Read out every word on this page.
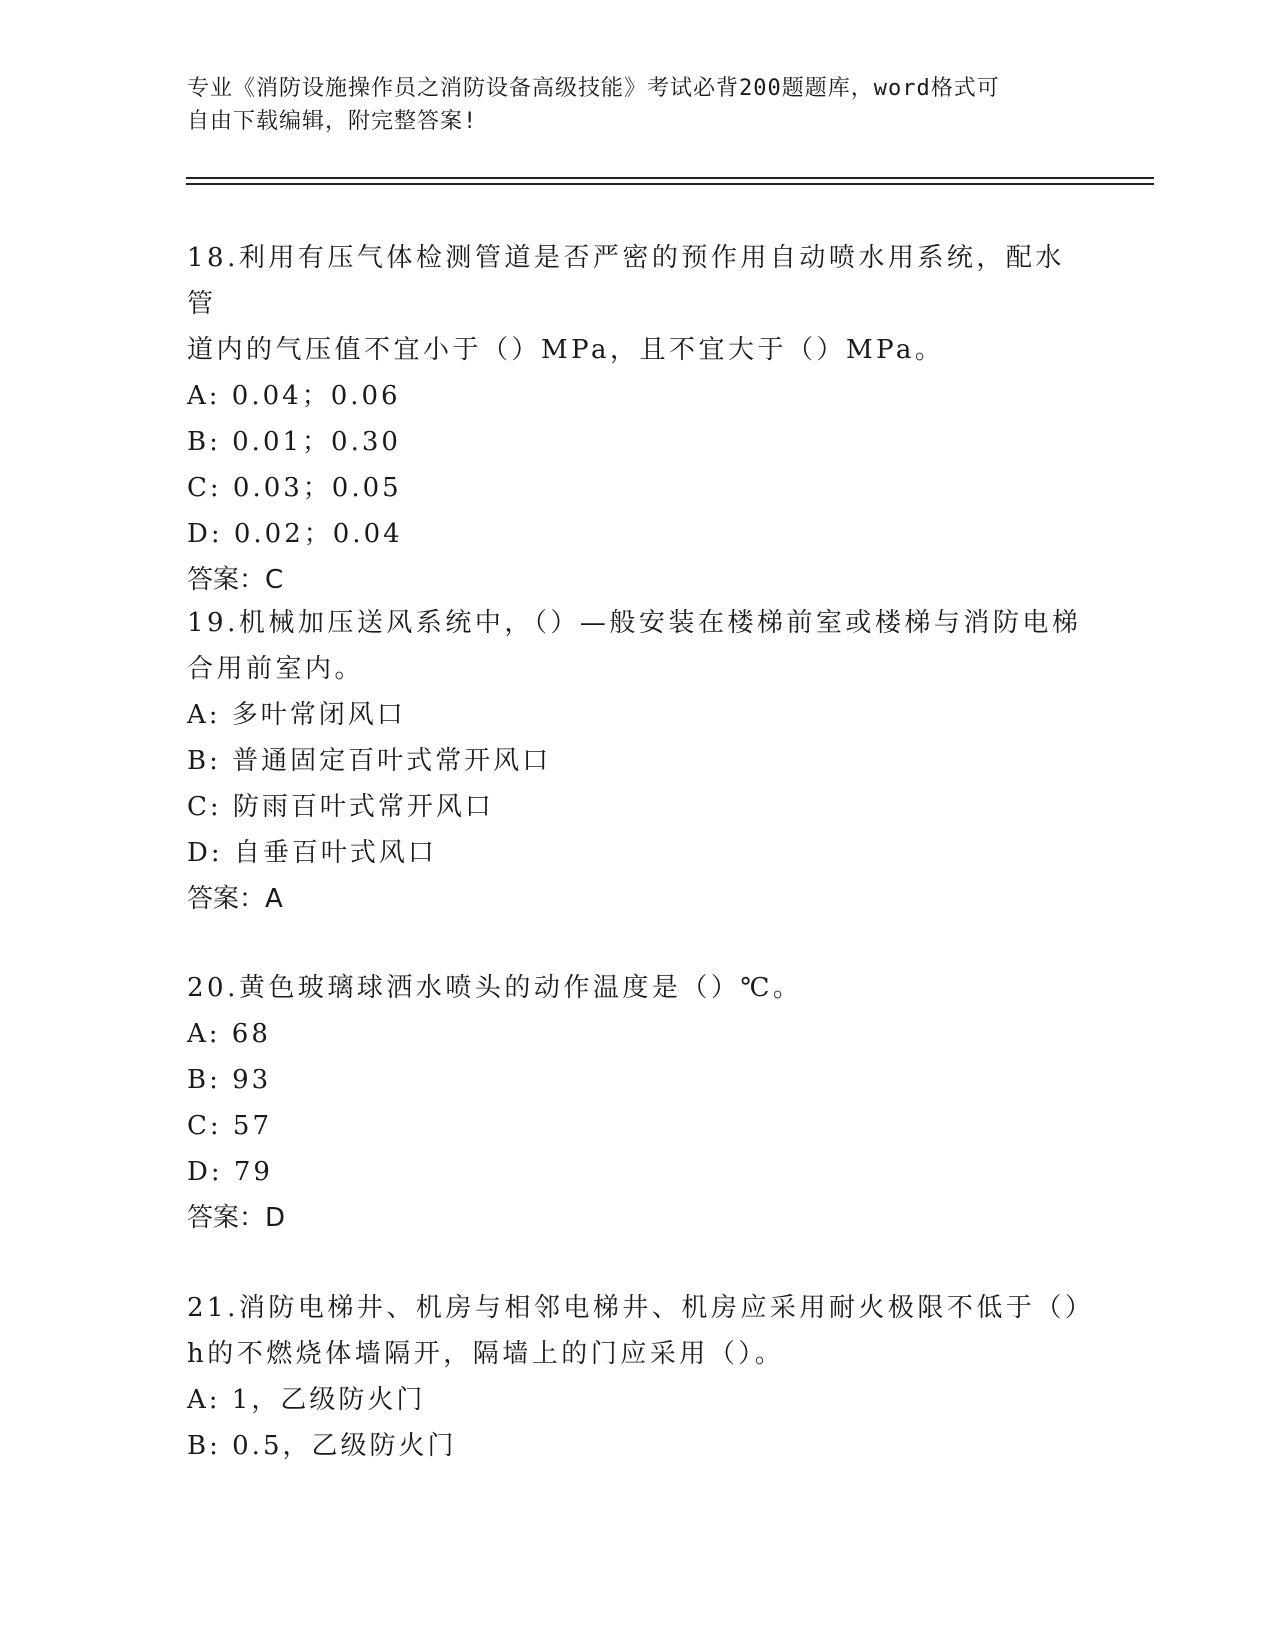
专业《消防设施操作员之消防设备高级技能》考试必背200题题库，word格式可
自由下载编辑，附完整答案!

18.利用有压气体检测管道是否严密的预作用自动喷水用系统，配水管

道内的气压值不宜小于（）MPa，且不宜大于（）MPa。

A: 0.04；0.06

B: 0.01；0.30

C: 0.03；0.05

D: 0.02；0.04

答案：C

19.机械加压送风系统中，（）—般安装在楼梯前室或楼梯与消防电梯

合用前室内。

A: 多叶常闭风口

B: 普通固定百叶式常开风口

C: 防雨百叶式常开风口

D: 自垂百叶式风口

答案：A

20.黄色玻璃球洒水喷头的动作温度是（）℃。

A: 68

B: 93

C: 57

D: 79

答案：D

21.消防电梯井、机房与相邻电梯井、机房应采用耐火极限不低于（）

h的不燃烧体墙隔开，隔墙上的门应采用（）。

A: 1，乙级防火门

B: 0.5，乙级防火门
